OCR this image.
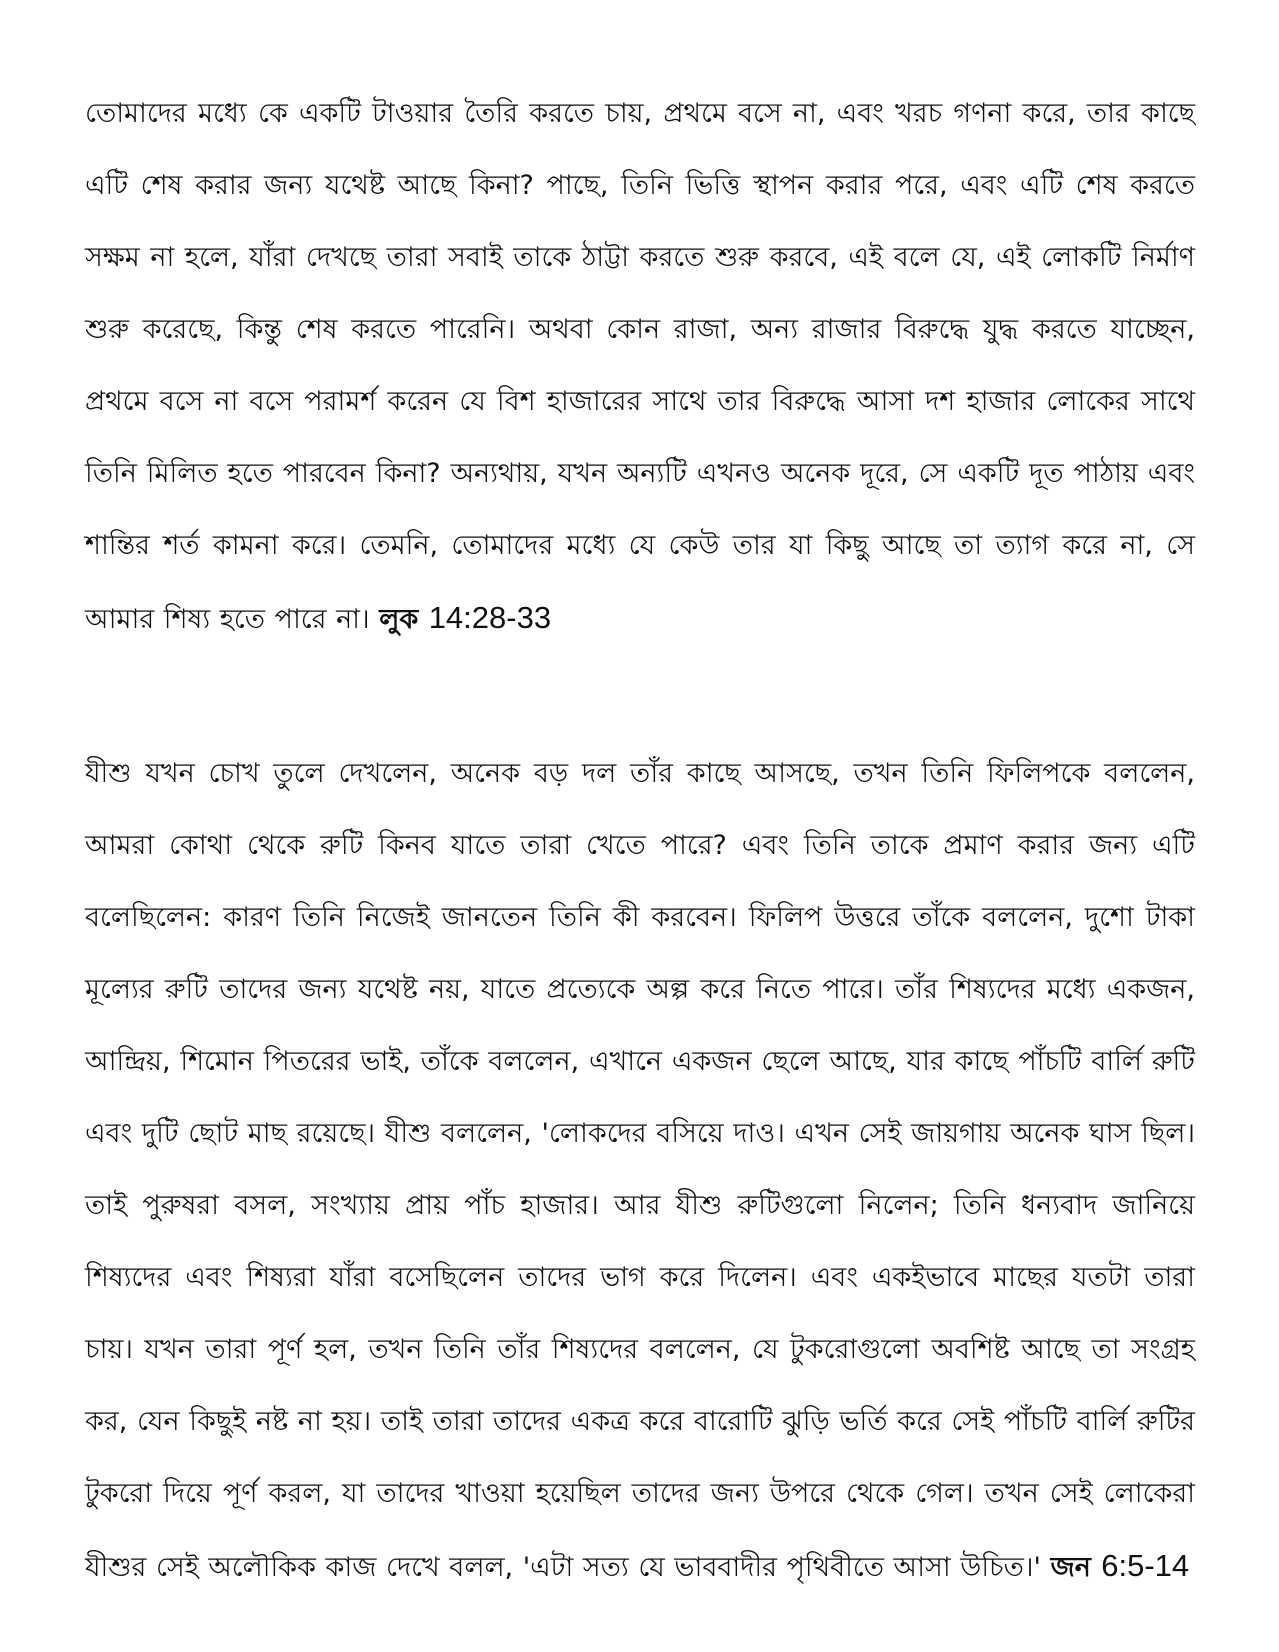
তোমাদের মধ্যে কে একটি টাওয়ার তৈরি করতে চায়, প্রথমে বসে না, এবং খরচ গণনা করে, তার কাছে এটি শেষ করার জন্য যথেষ্ট আছে কিনা? পাছে, তিনি ভিত্তি স্থাপন করার পরে, এবং এটি শেষ করতে সক্ষম না হলে, যাঁরা দেখছে তারা সবাই তাকে ঠাট্টা করতে শুরু করবে, এই বলে যে, এই লোকটি নির্মাণ শুরু করেছে, কিন্তু শেষ করতে পারেনি। অথবা কোন রাজা, অন্য রাজার বিরুদ্ধে যুদ্ধ করতে যাচ্ছেন, প্রথমে বসে না বসে পরামর্শ করেন যে বিশ হাজারের সাথে তার বিরুদ্ধে আসা দশ হাজার লোকের সাথে তিনি মিলিত হতে পারবেন কিনা? অন্যথায়, যখন অন্যটি এখনও অনেক দূরে, সে একটি দূত পাঠায় এবং শান্তির শর্ত কামনা করে। তেমনি, তোমাদের মধ্যে যে কেউ তার যা কিছু আছে তা ত্যাগ করে না, সে আমার শিষ্য হতে পারে না। লুক 14:28-33

যীশু যখন চোখ তুলে দেখলেন, অনেক বড় দল তাঁর কাছে আসছে, তখন তিনি ফিলিপকে বললেন, আমরা কোথা থেকে রুটি কিনব যাতে তারা খেতে পারে? এবং তিনি তাকে প্রমাণ করার জন্য এটি বলেছিলেন: কারণ তিনি নিজেই জানতেন তিনি কী করবেন। ফিলিপ উত্তরে তাঁকে বললেন, দুশো টাকা মূল্যের রুটি তাদের জন্য যথেষ্ট নয়, যাতে প্রত্যেকে অল্প করে নিতে পারে। তাঁর শিষ্যদের মধ্যে একজন, আন্দ্রিয়, শিমোন পিতরের ভাই, তাঁকে বললেন, এখানে একজন ছেলে আছে, যার কাছে পাঁচটি বার্লি রুটি এবং দুটি ছোট মাছ রয়েছে। যীশু বললেন, 'লোকদের বসিয়ে দাও। এখন সেই জায়গায় অনেক ঘাস ছিল। তাই পুরুষরা বসল, সংখ্যায় প্রায় পাঁচ হাজার। আর যীশু রুটিগুলো নিলেন; তিনি ধন্যবাদ জানিয়ে শিষ্যদের এবং শিষ্যরা যাঁরা বসেছিলেন তাদের ভাগ করে দিলেন। এবং একইভাবে মাছের যতটা তারা চায়। যখন তারা পূর্ণ হল, তখন তিনি তাঁর শিষ্যদের বললেন, যে টুকরোগুলো অবশিষ্ট আছে তা সংগ্রহ কর, যেন কিছুই নষ্ট না হয়। তাই তারা তাদের একত্র করে বারোটি ঝুড়ি ভর্তি করে সেই পাঁচটি বার্লি রুটির টুকরো দিয়ে পূর্ণ করল, যা তাদের খাওয়া হয়েছিল তাদের জন্য উপরে থেকে গেল। তখন সেই লোকেরা যীশুর সেই অলৌকিক কাজ দেখে বলল, 'এটা সত্য যে ভাববাদীর পৃথিবীতে আসা উচিত।' জন 6:5-14
